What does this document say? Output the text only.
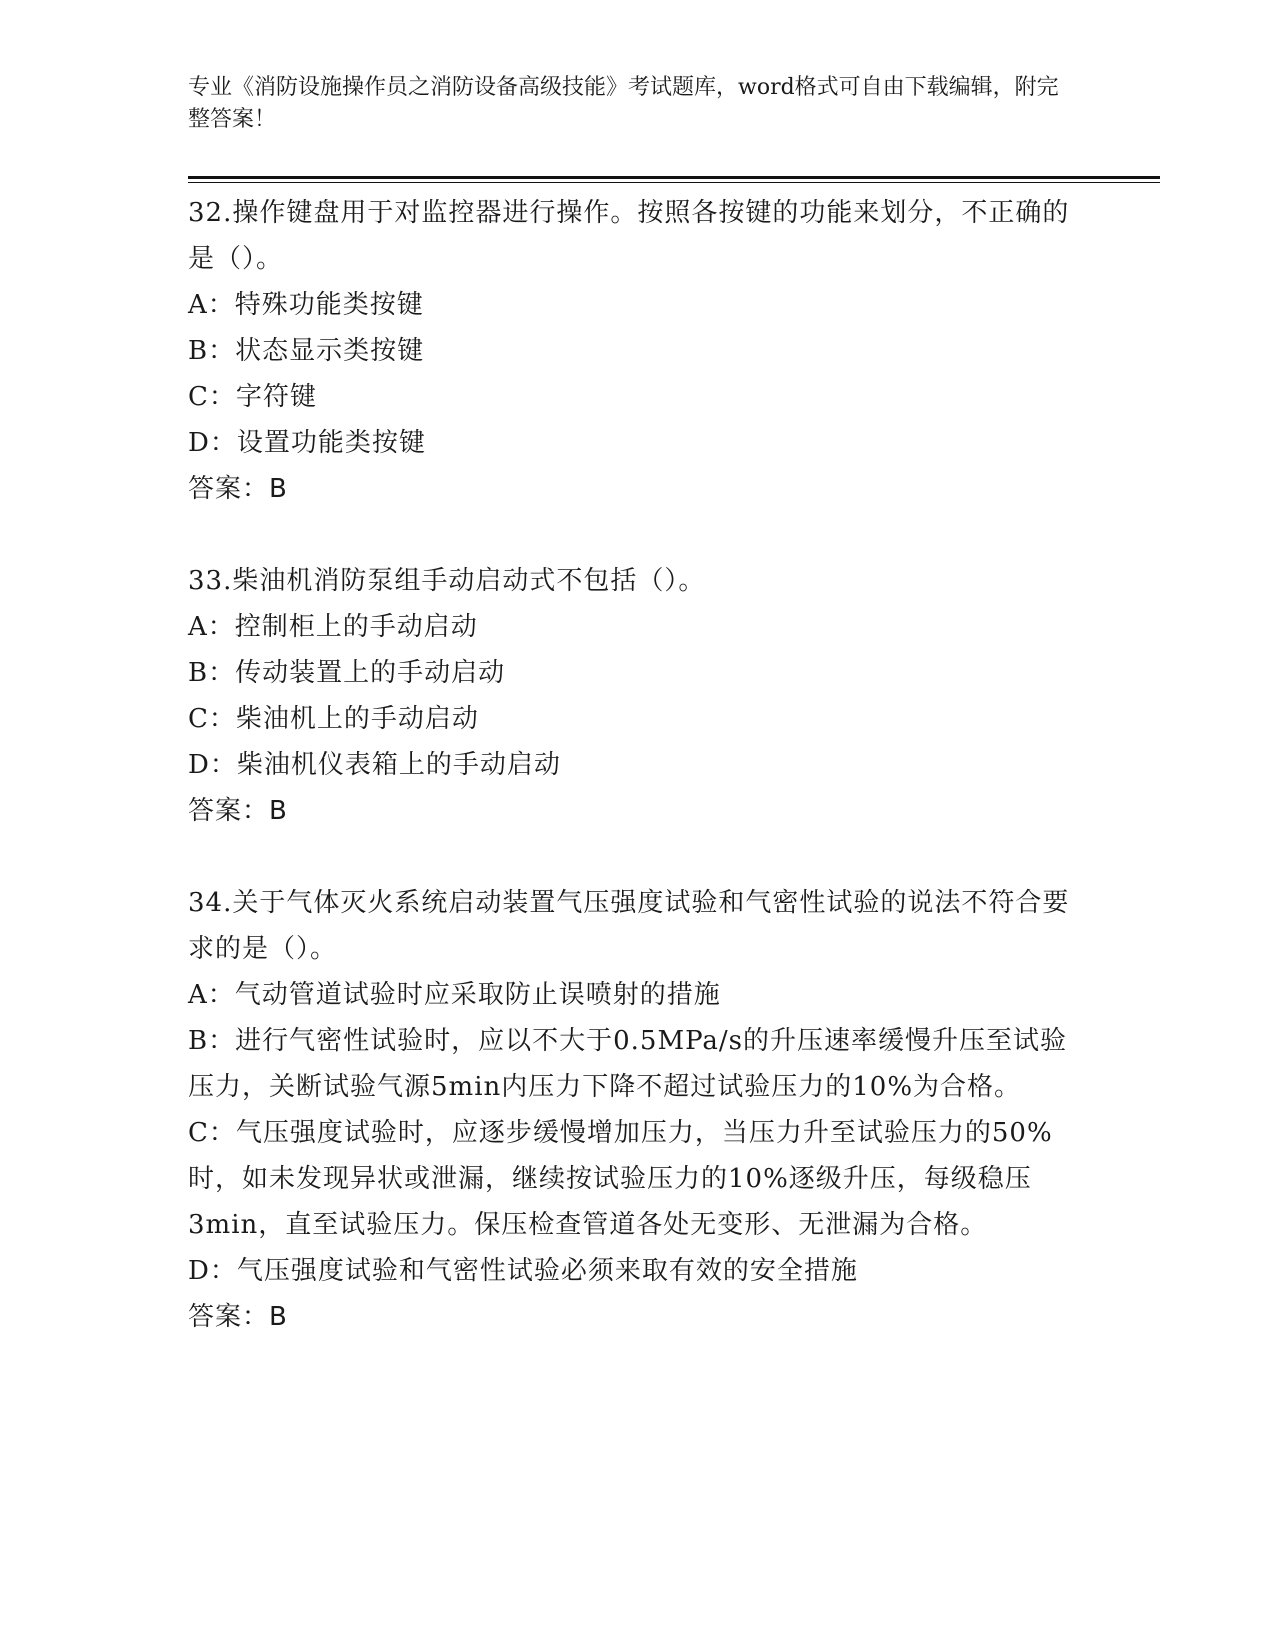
专业《消防设施操作员之消防设备高级技能》考试题库，word格式可自由下载编辑，附完整答案！

32.操作键盘用于对监控器进行操作。按照各按键的功能来划分，不正确的是（）。

A：特殊功能类按键

B：状态显示类按键

C：字符键

D：设置功能类按键

答案：B

33.柴油机消防泵组手动启动式不包括（）。

A：控制柜上的手动启动

B：传动装置上的手动启动

C：柴油机上的手动启动

D：柴油机仪表箱上的手动启动

答案：B

34.关于气体灭火系统启动装置气压强度试验和气密性试验的说法不符合要求的是（）。

A：气动管道试验时应采取防止误喷射的措施

B：进行气密性试验时，应以不大于0.5MPa/s的升压速率缓慢升压至试验压力，关断试验气源5min内压力下降不超过试验压力的10%为合格。

C：气压强度试验时，应逐步缓慢增加压力，当压力升至试验压力的50%时，如未发现异状或泄漏，继续按试验压力的10%逐级升压，每级稳压3min，直至试验压力。保压检查管道各处无变形、无泄漏为合格。

D：气压强度试验和气密性试验必须来取有效的安全措施

答案：B
